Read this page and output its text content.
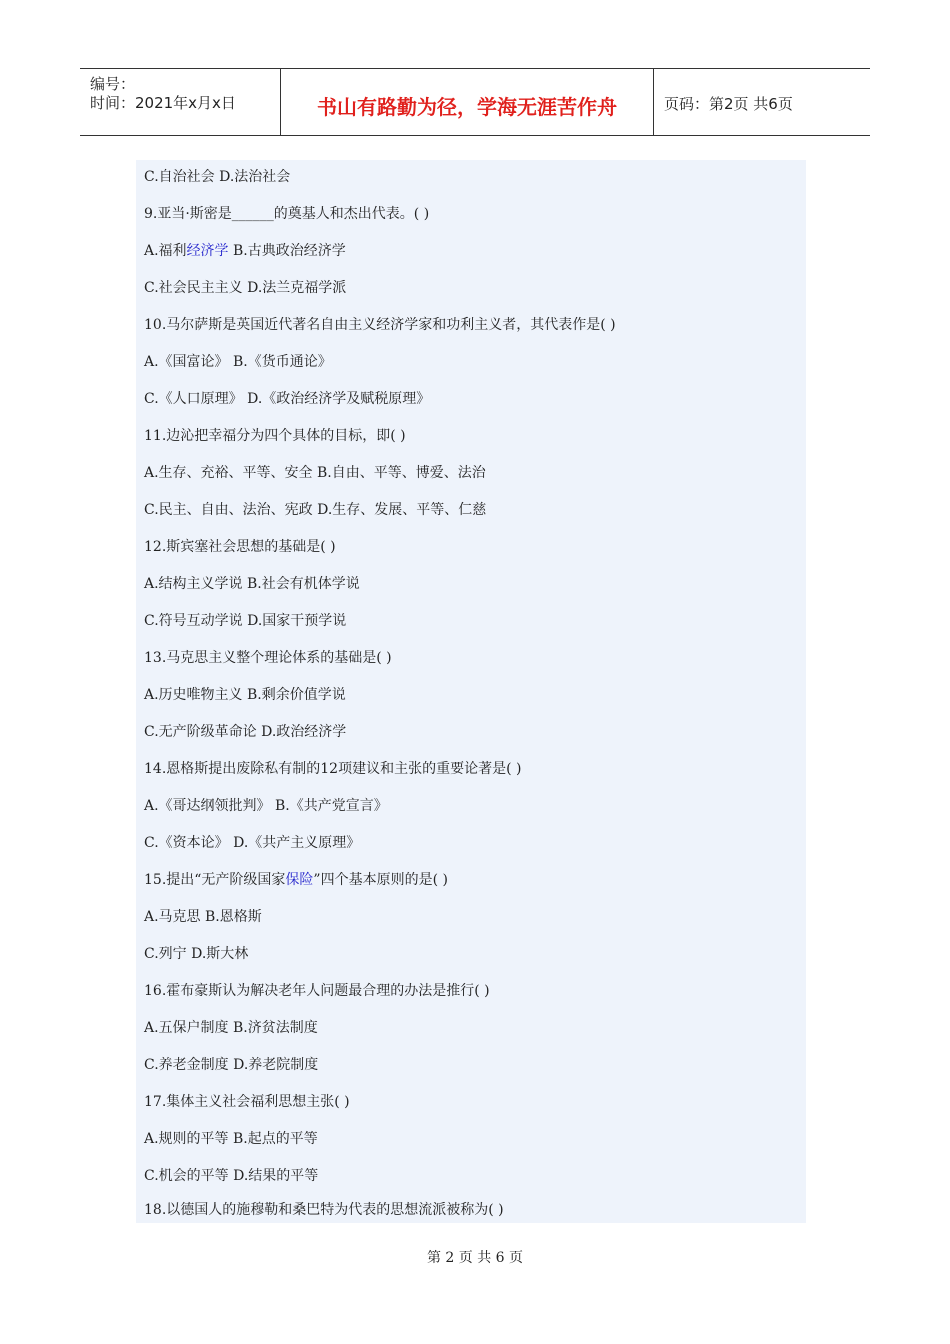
编号：
时间：2021年x月x日	书山有路勤为径，学海无涯苦作舟	页码：第2页 共6页
C.自治社会 D.法治社会
9.亚当·斯密是______的奠基人和杰出代表。( )
A.福利经济学 B.古典政治经济学
C.社会民主主义 D.法兰克福学派
10.马尔萨斯是英国近代著名自由主义经济学家和功利主义者，其代表作是( )
A.《国富论》 B.《货币通论》
C.《人口原理》 D.《政治经济学及赋税原理》
11.边沁把幸福分为四个具体的目标，即( )
A.生存、充裕、平等、安全 B.自由、平等、博爱、法治
C.民主、自由、法治、宪政 D.生存、发展、平等、仁慈
12.斯宾塞社会思想的基础是( )
A.结构主义学说 B.社会有机体学说
C.符号互动学说 D.国家干预学说
13.马克思主义整个理论体系的基础是( )
A.历史唯物主义 B.剩余价值学说
C.无产阶级革命论 D.政治经济学
14.恩格斯提出废除私有制的12项建议和主张的重要论著是( )
A.《哥达纲领批判》 B.《共产党宣言》
C.《资本论》 D.《共产主义原理》
15.提出“无产阶级国家保险”四个基本原则的是( )
A.马克思 B.恩格斯
C.列宁 D.斯大林
16.霍布豪斯认为解决老年人问题最合理的办法是推行( )
A.五保户制度 B.济贫法制度
C.养老金制度 D.养老院制度
17.集体主义社会福利思想主张( )
A.规则的平等 B.起点的平等
C.机会的平等 D.结果的平等
18.以德国人的施穆勒和桑巴特为代表的思想流派被称为( )
第 2 页 共 6 页
